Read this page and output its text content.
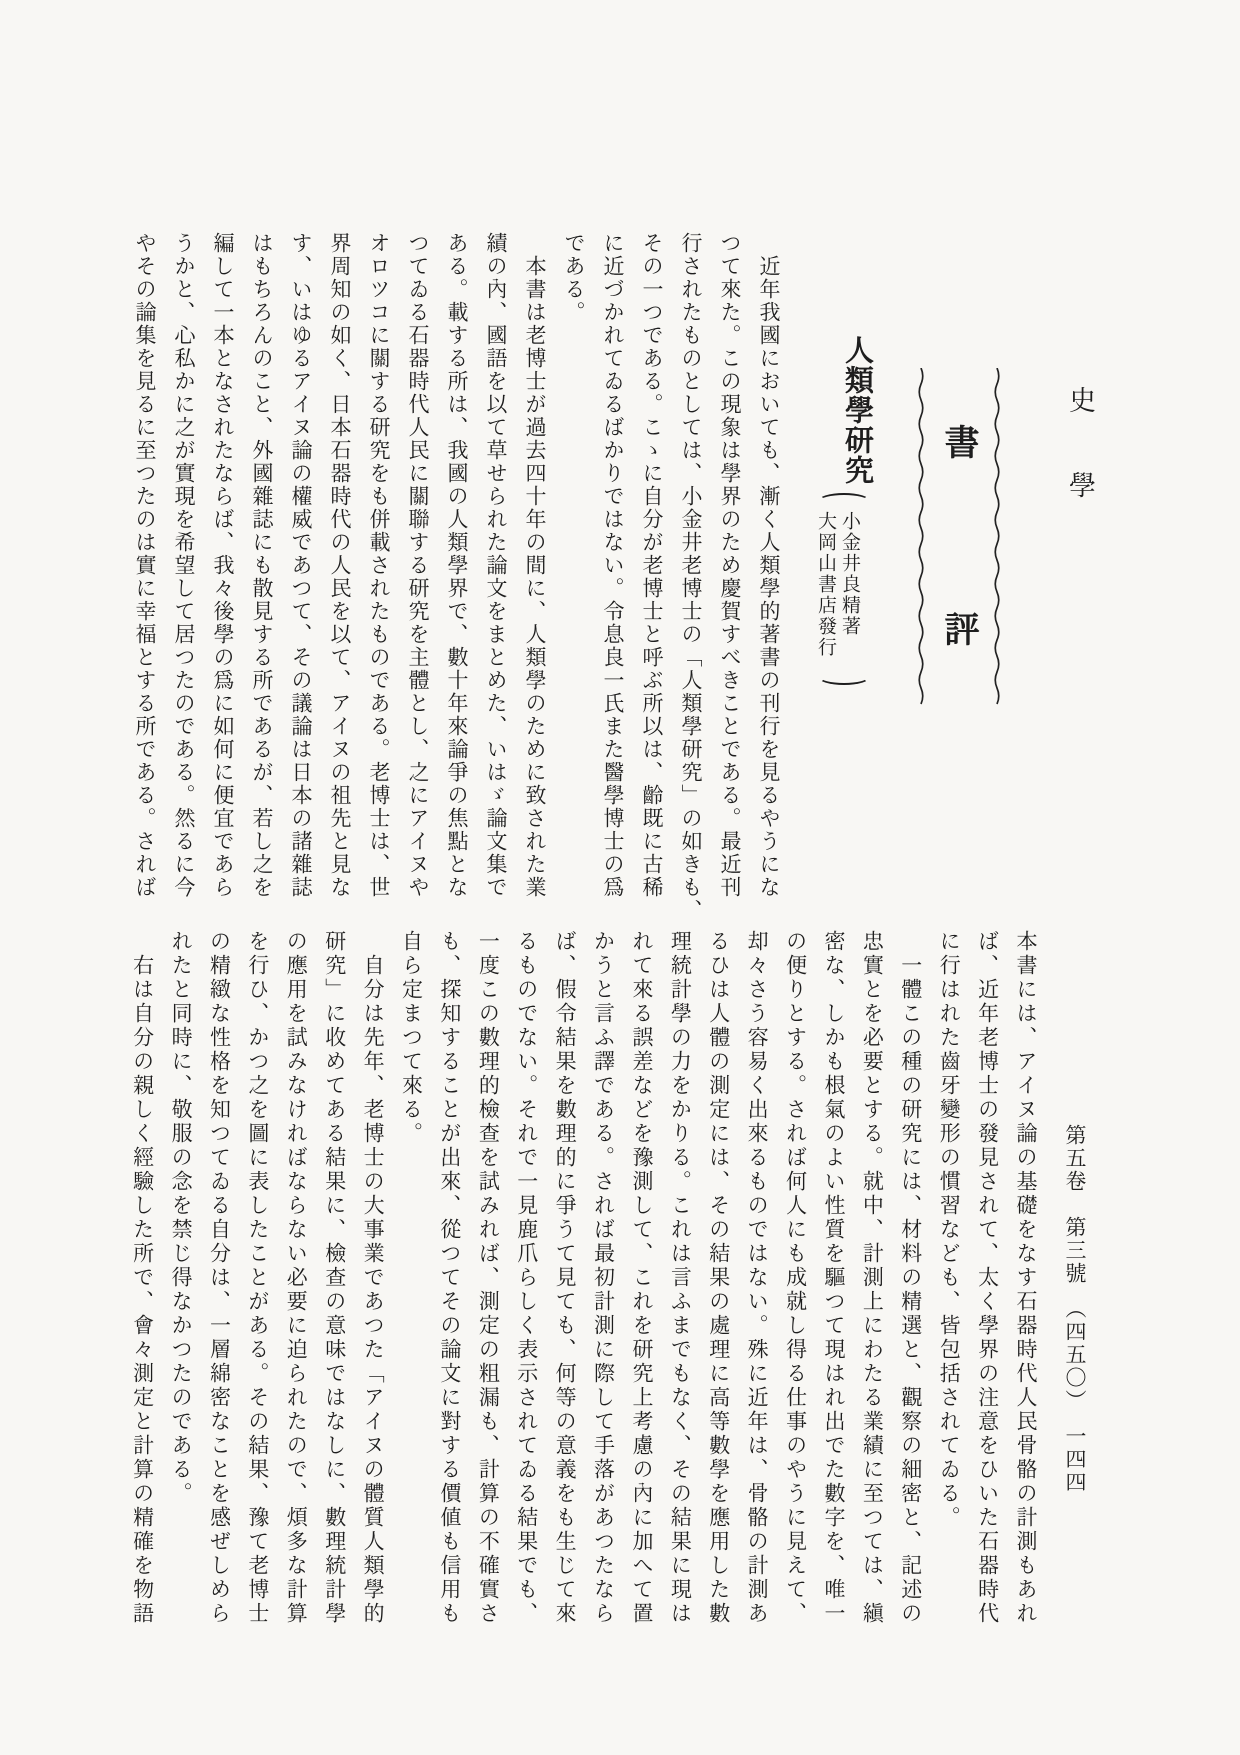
史學
書評
人類學研究
小金井良精著
大岡山書店發行
　近年我國においても、漸く人類學的著書の刊行を見るやうにな
つて來た。この現象は學界のため慶賀すべきことである。最近刊
行されたものとしては、小金井老博士の「人類學研究」の如きも、
その一つである。こゝに自分が老博士と呼ぶ所以は、齡既に古稀
に近づかれてゐるばかりではない。令息良一氏また醫學博士の爲
である。
　本書は老博士が過去四十年の間に、人類學のために致された業
績の內、國語を以て草せられた論文をまとめた、いはゞ論文集で
ある。載する所は、我國の人類學界で、數十年來論爭の焦點とな
つてゐる石器時代人民に關聯する研究を主體とし、之にアイヌや
オロツコに關する研究をも併載されたものである。老博士は、世
界周知の如く、日本石器時代の人民を以て、アイヌの祖先と見な
す、いはゆるアイヌ論の權威であつて、その議論は日本の諸雜誌
はもちろんのこと、外國雜誌にも散見する所であるが、若し之を
編して一本となされたならば、我々後學の爲に如何に便宜であら
うかと、心私かに之が實現を希望して居つたのである。然るに今
やその論集を見るに至つたのは實に幸福とする所である。されば
本書には、アイヌ論の基礎をなす石器時代人民骨骼の計測もあれ
ば、近年老博士の發見されて、太く學界の注意をひいた石器時代
に行はれた齒牙變形の慣習なども、皆包括されてゐる。
　一體この種の研究には、材料の精選と、觀察の細密と、記述の
忠實とを必要とする。就中、計測上にわたる業績に至つては、縝
密な、しかも根氣のよい性質を驅つて現はれ出でた數字を、唯一
の便りとする。されば何人にも成就し得る仕事のやうに見えて、
却々さう容易く出來るものではない。殊に近年は、骨骼の計測あ
るひは人體の測定には、その結果の處理に高等數學を應用した數
理統計學の力をかりる。これは言ふまでもなく、その結果に現は
れて來る誤差などを豫測して、これを研究上考慮の內に加へて置
かうと言ふ譯である。されば最初計測に際して手落があつたなら
ば、假令結果を數理的に爭うて見ても、何等の意義をも生じて來
るものでない。それで一見鹿爪らしく表示されてゐる結果でも、
一度この數理的檢查を試みれば、測定の粗漏も、計算の不確實さ
も、探知することが出來、從つてその論文に對する價値も信用も
自ら定まつて來る。
　自分は先年、老博士の大事業であつた「アイヌの體質人類學的
研究」に收めてある結果に、檢查の意味ではなしに、數理統計學
の應用を試みなければならない必要に迫られたので、煩多な計算
を行ひ、かつ之を圖に表したことがある。その結果、豫て老博士
の精緻な性格を知つてゐる自分は、一層綿密なことを感ぜしめら
れたと同時に、敬服の念を禁じ得なかつたのである。
　右は自分の親しく經驗した所で、會々測定と計算の精確を物語	第五卷　第三號　（四五〇）　一四四
